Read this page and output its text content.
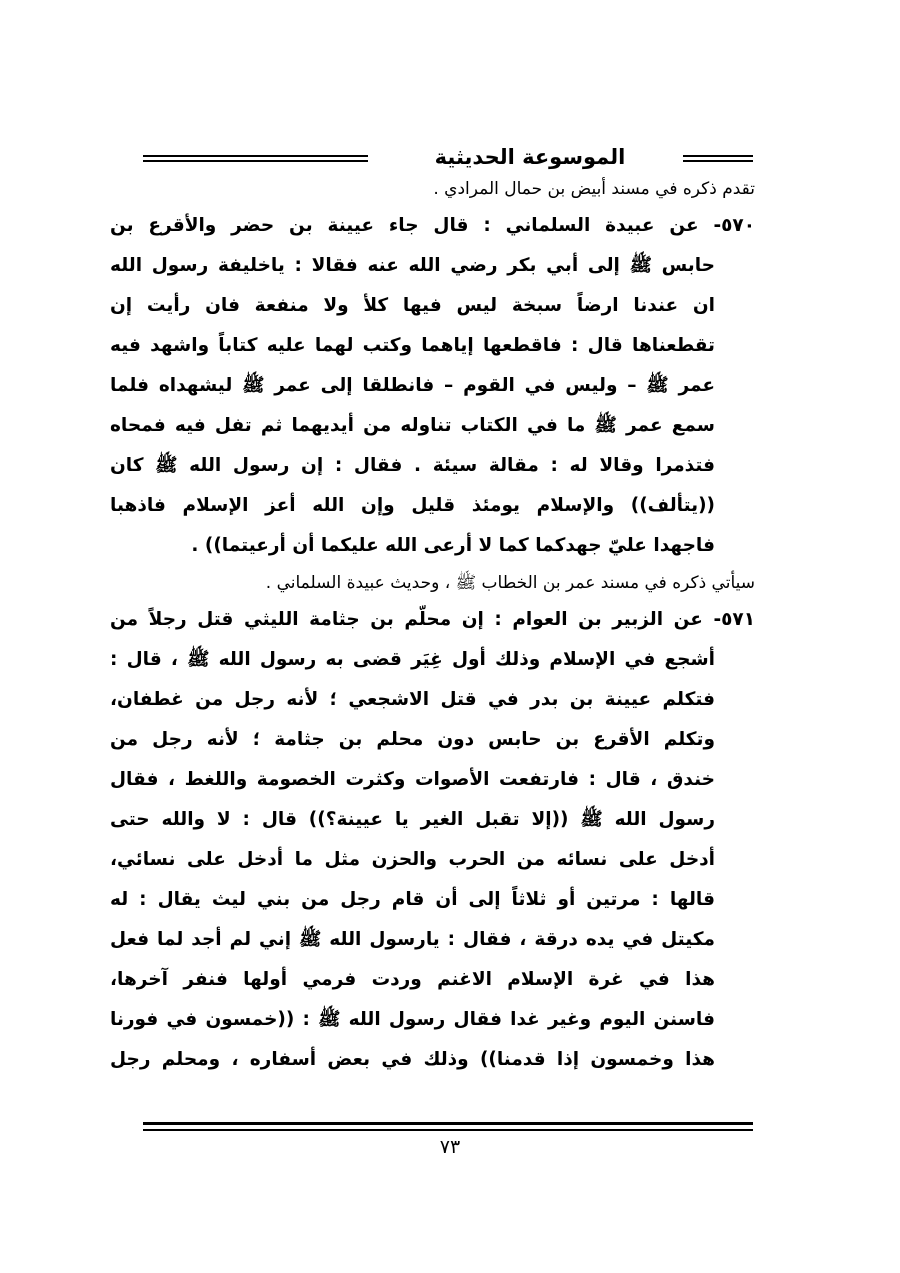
الموسوعة الحديثية
تقدم ذكره في مسند أبيض بن حمال المرادي .
٥٧٠- عن عبيدة السلماني : قال جاء عيينة بن حضر والأقرع بن
حابس ﷺ إلى أبي بكر رضي الله عنه فقالا : ياخليفة رسول الله
ان عندنا ارضاً سبخة ليس فيها كلأ ولا منفعة فان رأيت إن
تقطعناها قال : فاقطعها إياهما وكتب لهما عليه كتاباً واشهد فيه
عمر ﷺ – وليس في القوم – فانطلقا إلى عمر ﷺ ليشهداه فلما
سمع عمر ﷺ ما في الكتاب تناوله من أيديهما ثم تفل فيه فمحاه
فتذمرا وقالا له : مقالة سيئة . فقال : إن رسول الله ﷺ كان
((يتألف)) والإسلام يومئذ قليل وإن الله أعز الإسلام فاذهبا
فاجهدا عليّ جهدكما كما لا أرعى الله عليكما أن أرعيتما)) .
سيأتي ذكره في مسند عمر بن الخطاب ﷺ ، وحديث عبيدة السلماني .
٥٧١- عن الزبير بن العوام : إن محلّم بن جثامة الليثي قتل رجلاً من
أشجع في الإسلام وذلك أول غِيَر قضى به رسول الله ﷺ ، قال :
فتكلم عيينة بن بدر في قتل الاشجعي ؛ لأنه رجل من غطفان،
وتكلم الأقرع بن حابس دون محلم بن جثامة ؛ لأنه رجل من
خندق ، قال : فارتفعت الأصوات وكثرت الخصومة واللغط ، فقال
رسول الله ﷺ ((إلا تقبل الغير يا عيينة؟)) قال : لا والله حتى
أدخل على نسائه من الحرب والحزن مثل ما أدخل على نسائي،
قالها : مرتين أو ثلاثاً إلى أن قام رجل من بني ليث يقال : له
مكيتل في يده درقة ، فقال : يارسول الله ﷺ إني لم أجد لما فعل
هذا في غرة الإسلام الاغنم وردت فرمي أولها فنفر آخرها،
فاسنن اليوم وغير غدا فقال رسول الله ﷺ : ((خمسون في فورنا
هذا وخمسون إذا قدمنا)) وذلك في بعض أسفاره ، ومحلم رجل
٧٣
